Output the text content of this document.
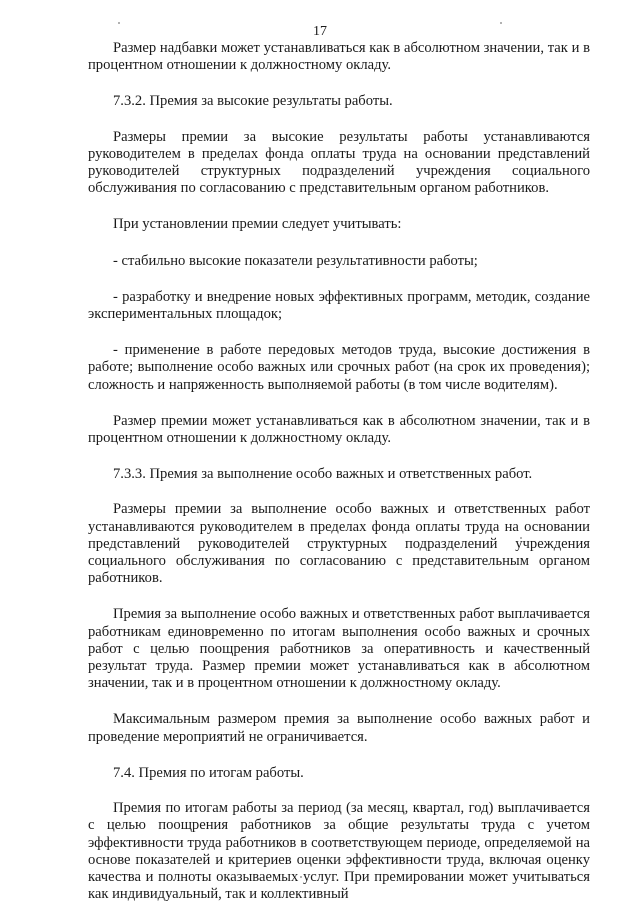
17

Размер надбавки может устанавливаться как в абсолютном значении, так и в процентном отношении к должностному окладу.

7.3.2. Премия за высокие результаты работы.

Размеры премии за высокие результаты работы устанавливаются руководителем в пределах фонда оплаты труда на основании представлений руководителей структурных подразделений учреждения социального обслуживания по согласованию с представительным органом работников.

При установлении премии следует учитывать:

- стабильно высокие показатели результативности работы;

- разработку и внедрение новых эффективных программ, методик, создание экспериментальных площадок;

- применение в работе передовых методов труда, высокие достижения в работе; выполнение особо важных или срочных работ (на срок их проведения); сложность и напряженность выполняемой работы (в том числе водителям).

Размер премии может устанавливаться как в абсолютном значении, так и в процентном отношении к должностному окладу.

7.3.3. Премия за выполнение особо важных и ответственных работ.

Размеры премии за выполнение особо важных и ответственных работ устанавливаются руководителем в пределах фонда оплаты труда на основании представлений руководителей структурных подразделений учреждения социального обслуживания по согласованию с представительным органом работников.

Премия за выполнение особо важных и ответственных работ выплачивается работникам единовременно по итогам выполнения особо важных и срочных работ с целью поощрения работников за оперативность и качественный результат труда. Размер премии может устанавливаться как в абсолютном значении, так и в процентном отношении к должностному окладу.

Максимальным размером премия за выполнение особо важных работ и проведение мероприятий не ограничивается.

7.4. Премия по итогам работы.

Премия по итогам работы за период (за месяц, квартал, год) выплачивается с целью поощрения работников за общие результаты труда с учетом эффективности труда работников в соответствующем периоде, определяемой на основе показателей и критериев оценки эффективности труда, включая оценку качества и полноты оказываемых услуг. При премировании может учитываться как индивидуальный, так и коллективный
